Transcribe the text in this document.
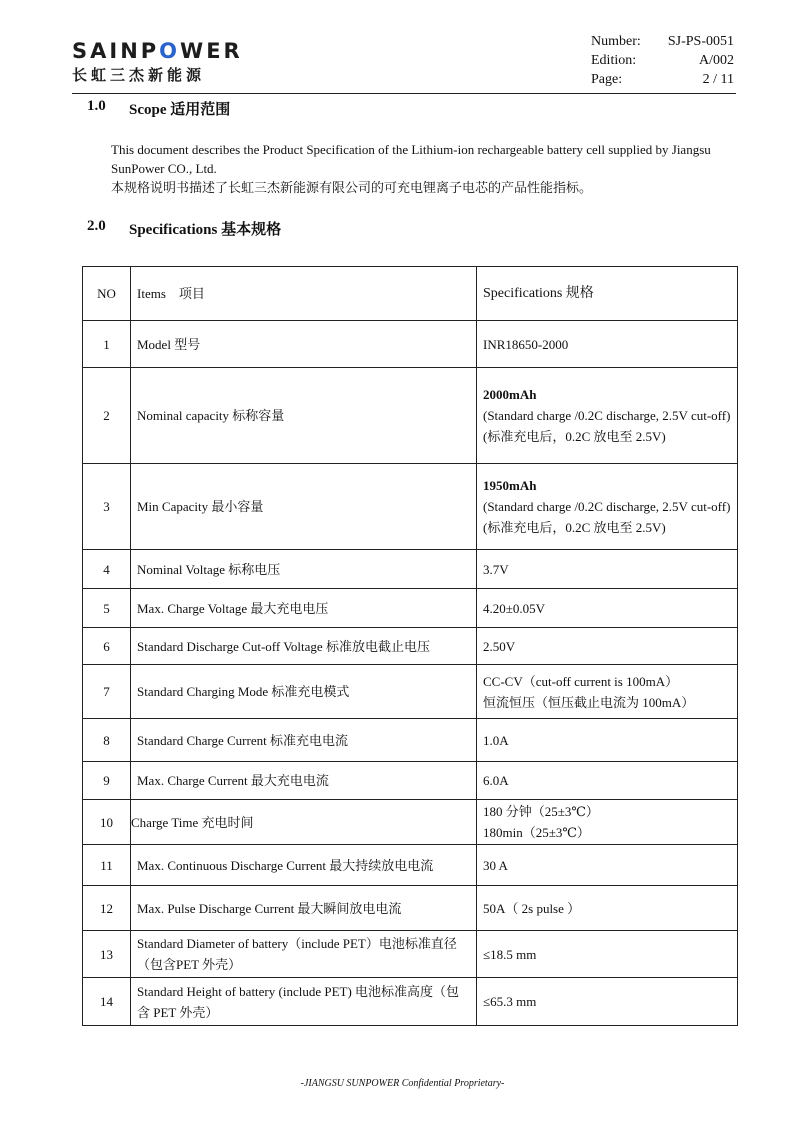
SAINPOWER
长虹三杰新能源
Number:	SJ-PS-0051
Edition:	A/002
Page:	2 / 11
1.0	Scope 适用范围

This document describes the Product Specification of the Lithium-ion rechargeable battery cell supplied by Jiangsu SunPower CO., Ltd.

本规格说明书描述了长虹三杰新能源有限公司的可充电锂离子电芯的产品性能指标。

2.0	Specifications 基本规格
NO	Items　项目	Specifications 规格
1	Model 型号	INR18650-2000
2	Nominal capacity 标称容量	2000mAh
(Standard charge /0.2C discharge, 2.5V cut-off)
(标准充电后，0.2C 放电至 2.5V)

3	Min Capacity 最小容量	1950mAh
(Standard charge /0.2C discharge, 2.5V cut-off)
(标准充电后，0.2C 放电至 2.5V)

4	Nominal Voltage 标称电压	3.7V
5	Max. Charge Voltage 最大充电电压	4.20±0.05V
6	Standard Discharge Cut-off Voltage 标准放电截止电压	2.50V
7	Standard Charging Mode 标准充电模式	CC-CV（cut-off current is 100mA）
恒流恒压（恒压截止电流为 100mA）

8	Standard Charge Current 标准充电电流	1.0A
9	Max. Charge Current 最大充电电流	6.0A
10	Charge Time 充电时间	180 分钟（25±3℃）
180min（25±3℃）

11	Max. Continuous Discharge Current 最大持续放电电流	30 A
12	Max. Pulse Discharge Current 最大瞬间放电电流	50A（ 2s pulse ）
13	Standard Diameter of battery（include PET）电池标准直径（包含PET 外壳）	≤18.5 mm
14	Standard Height of battery (include PET) 电池标准高度（包含 PET 外壳）	≤65.3 mm
-JIANGSU SUNPOWER Confidential Proprietary-
